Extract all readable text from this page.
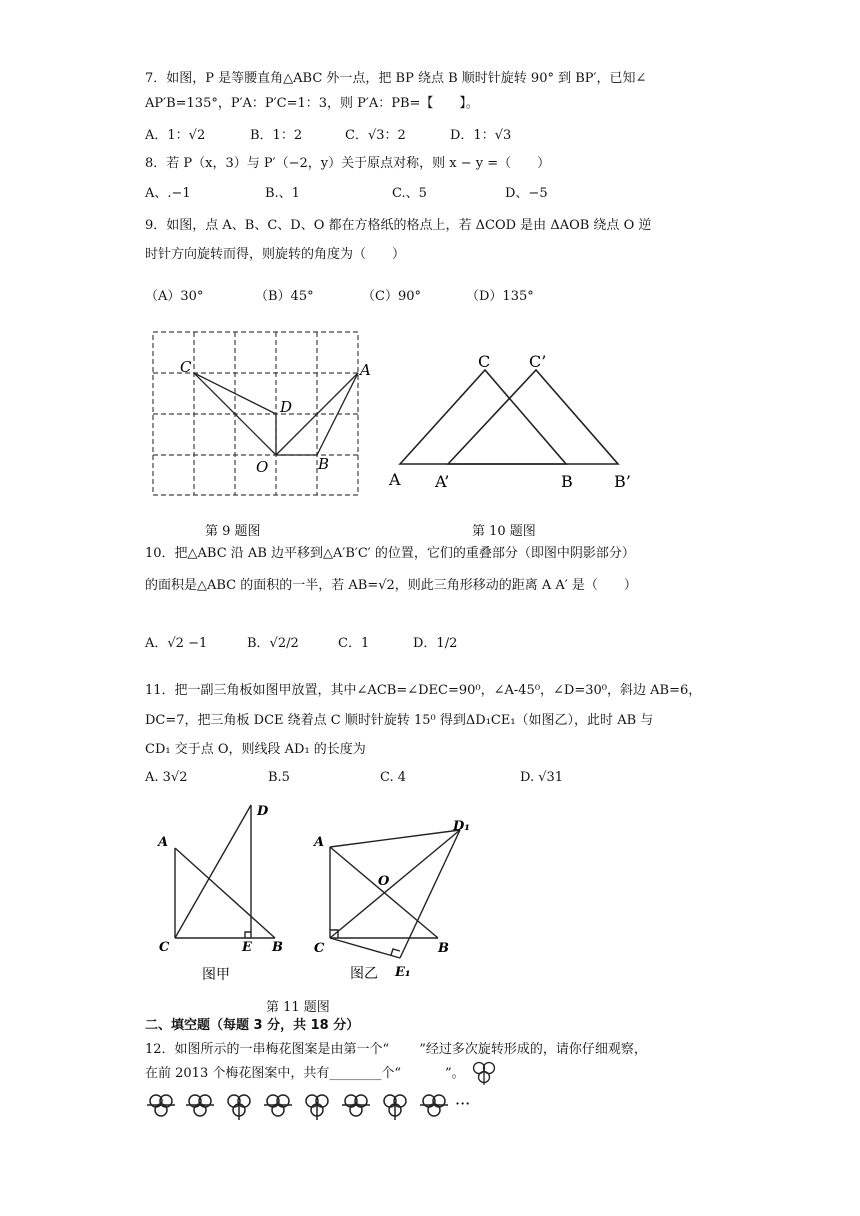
7．如图，P 是等腰直角△ABC 外一点，把 BP 绕点 B 顺时针旋转 90° 到 BP′，已知∠
AP′B=135°，P′A：P′C=1：3，则 P′A：PB=【　　】。
A．1：√2	B．1：2	C．√3：2	D．1：√3
8．若 P（x，3）与 P′（−2，y）关于原点对称，则 x − y =（　　）
A、.−1	B.、1	C.、5	D、−5
9．如图，点 A、B、C、D、O 都在方格纸的格点上，若 ΔCOD 是由 ΔAOB 绕点 O 逆
时针方向旋转而得，则旋转的角度为（　　）
（A）30°	（B）45°	（C）90°	（D）135°
C	A
D
O	B
C C’
A A’	B	B’
第 9 题图	第 10 题图
10．把△ABC 沿 AB 边平移到△A′B′C′ 的位置，它们的重叠部分（即图中阴影部分）
的面积是△ABC 的面积的一半，若 AB=√2，则此三角形移动的距离 A A′ 是（　　）
A．√2 −1	B．√2/2	C．1	D．1/2
11．把一副三角板如图甲放置，其中∠ACB=∠DEC=90⁰，∠A-45⁰，∠D=30⁰，斜边 AB=6，
DC=7，把三角板 DCE 绕着点 C 顺时针旋转 15⁰ 得到ΔD₁CE₁（如图乙），此时 AB 与
CD₁ 交于点 O，则线段 AD₁ 的长度为
A. 3√2	B.5	C. 4	D. √31
A
D
C	E B
图甲
A
D₁
O
C	B
E₁
图乙
第 11 题图
二、填空题（每题 3 分，共 18 分）
12．如图所示的一串梅花图案是由第一个“ ”经过多次旋转形成的，请你仔细观察，
在前 2013 个梅花图案中，共有________个“	”。
···
